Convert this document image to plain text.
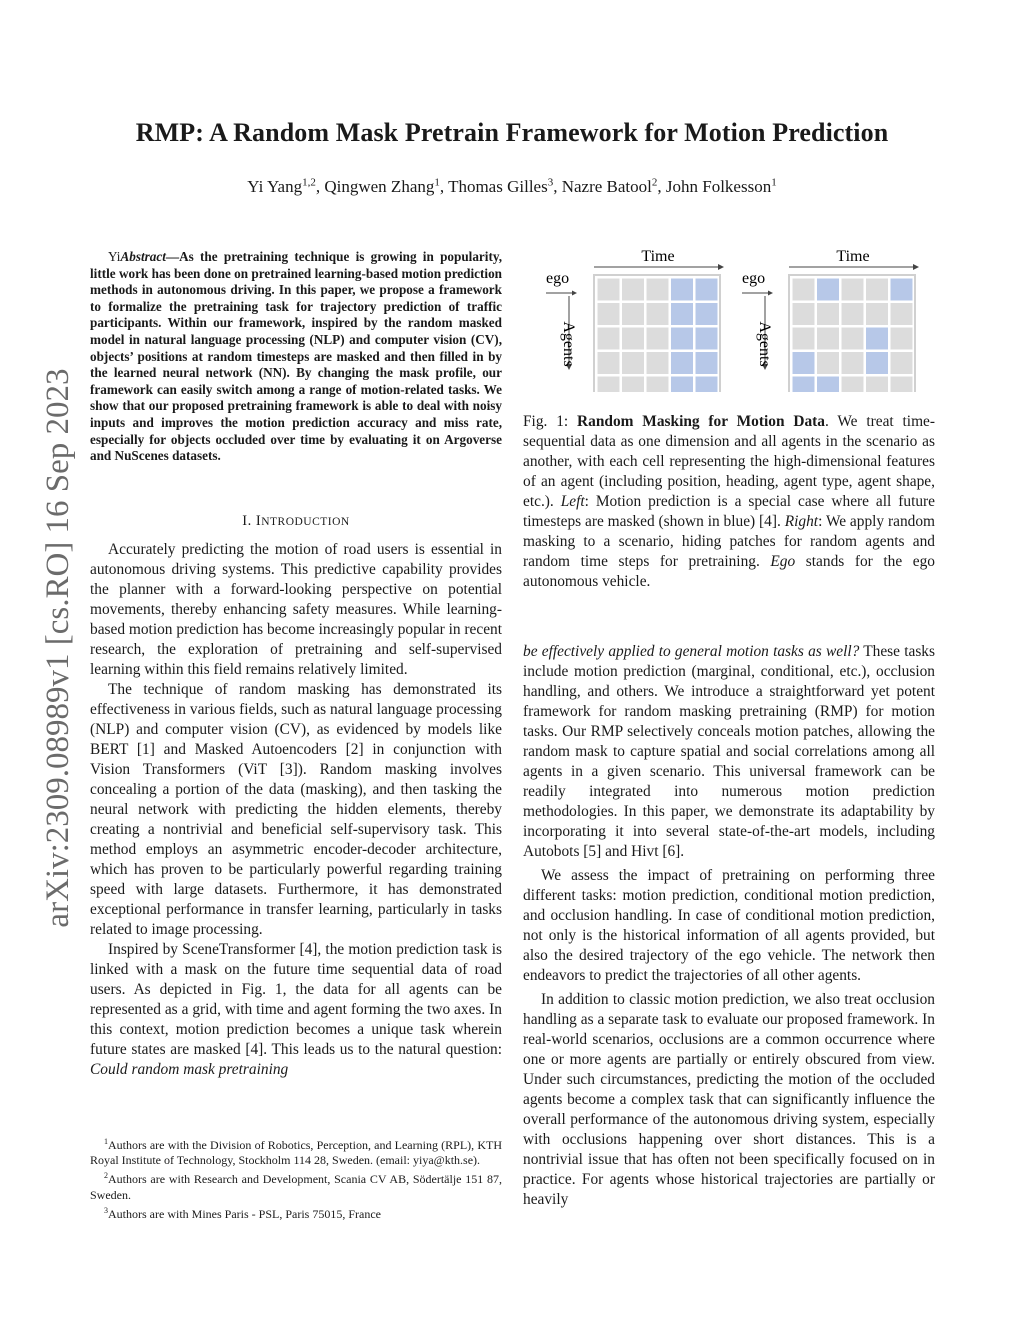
RMP: A Random Mask Pretrain Framework for Motion Prediction
Yi Yang$^{1,2}$, Qingwen Zhang$^1$, Thomas Gilles$^3$, Nazre Batool$^2$, John Folkesson$^1$
arXiv:2309.08989v1 [cs.RO] 16 Sep 2023
YiAbstract—As the pretraining technique is growing in popularity, little work has been done on pretrained learning-based motion prediction methods in autonomous driving. In this paper, we propose a framework to formalize the pretraining task for trajectory prediction of traffic participants. Within our framework, inspired by the random masked model in natural language processing (NLP) and computer vision (CV), objects’ positions at random timesteps are masked and then filled in by the learned neural network (NN). By changing the mask profile, our framework can easily switch among a range of motion-related tasks. We show that our proposed pretraining framework is able to deal with noisy inputs and improves the motion prediction accuracy and miss rate, especially for objects occluded over time by evaluating it on Argoverse and NuScenes datasets.
I. INTRODUCTION

Accurately predicting the motion of road users is essential in autonomous driving systems. This predictive capability provides the planner with a forward-looking perspective on potential movements, thereby enhancing safety measures. While learning-based motion prediction has become increasingly popular in recent research, the exploration of pretraining and self-supervised learning within this field remains relatively limited.

The technique of random masking has demonstrated its effectiveness in various fields, such as natural language processing (NLP) and computer vision (CV), as evidenced by models like BERT [1] and Masked Autoencoders [2] in conjunction with Vision Transformers (ViT [3]). Random masking involves concealing a portion of the data (masking), and then tasking the neural network with predicting the hidden elements, thereby creating a nontrivial and beneficial self-supervisory task. This method employs an asymmetric encoder-decoder architecture, which has proven to be particularly powerful regarding training speed with large datasets. Furthermore, it has demonstrated exceptional performance in transfer learning, particularly in tasks related to image processing.

Inspired by SceneTransformer [4], the motion prediction task is linked with a mask on the future time sequential data of road users. As depicted in Fig. 1, the data for all agents can be represented as a grid, with time and agent forming the two axes. In this context, motion prediction becomes a unique task wherein future states are masked [4]. This leads us to the natural question: Could random mask pretraining

$^1$Authors are with the Division of Robotics, Perception, and Learning (RPL), KTH Royal Institute of Technology, Stockholm 114 28, Sweden. (email: yiya@kth.se).

$^2$Authors are with Research and Development, Scania CV AB, Södertälje 151 87, Sweden.

$^3$Authors are with Mines Paris - PSL, Paris 75015, France

Time
ego
Agents
Time
ego
Agents
Fig. 1: Random Masking for Motion Data. We treat time-sequential data as one dimension and all agents in the scenario as another, with each cell representing the high-dimensional features of an agent (including position, heading, agent type, agent shape, etc.). Left: Motion prediction is a special case where all future timesteps are masked (shown in blue) [4]. Right: We apply random masking to a scenario, hiding patches for random agents and random time steps for pretraining. Ego stands for the ego autonomous vehicle.

be effectively applied to general motion tasks as well? These tasks include motion prediction (marginal, conditional, etc.), occlusion handling, and others. We introduce a straightforward yet potent framework for random masking pretraining (RMP) for motion tasks. Our RMP selectively conceals motion patches, allowing the random mask to capture spatial and social correlations among all agents in a given scenario. This universal framework can be readily integrated into numerous motion prediction methodologies. In this paper, we demonstrate its adaptability by incorporating it into several state-of-the-art models, including Autobots [5] and Hivt [6].

We assess the impact of pretraining on performing three different tasks: motion prediction, conditional motion prediction, and occlusion handling. In case of conditional motion prediction, not only is the historical information of all agents provided, but also the desired trajectory of the ego vehicle. The network then endeavors to predict the trajectories of all other agents.

In addition to classic motion prediction, we also treat occlusion handling as a separate task to evaluate our proposed framework. In real-world scenarios, occlusions are a common occurrence where one or more agents are partially or entirely obscured from view. Under such circumstances, predicting the motion of the occluded agents become a complex task that can significantly influence the overall performance of the autonomous driving system, especially with occlusions happening over short distances. This is a nontrivial issue that has often not been specifically focused on in practice. For agents whose historical trajectories are partially or heavily
